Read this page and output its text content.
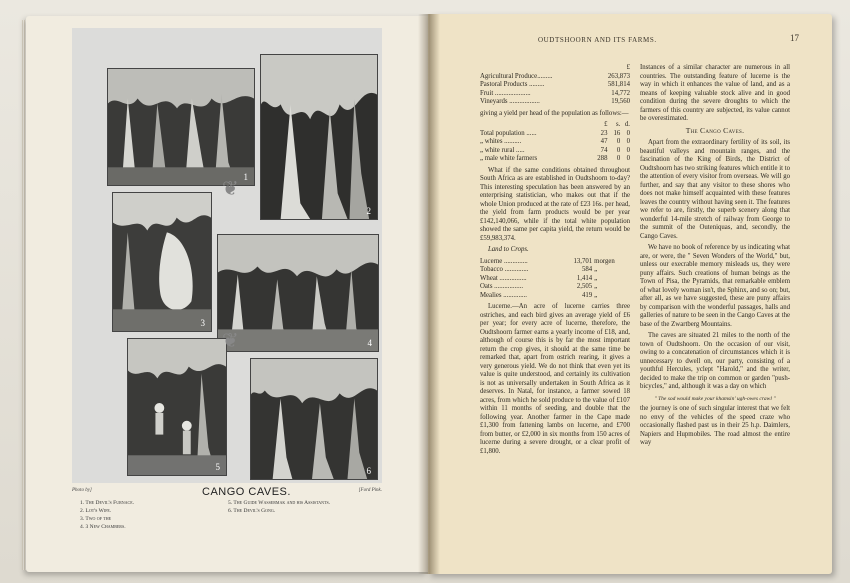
1
2
3
4
5	6
❦
❦
Photo by]	CANGO CAVES.	[Ford Pink.
1. The Devil's Furnace.
2. Lot's Wife.
3. Two of the
4. 3 New Chambers.
5. The Guide Wassermak and his Assistants.
6. The Devil's Gong.
OUDTSHOORN AND ITS FARMS.	17
	£
Agricultural Produce.........	263,873
Pastoral Products .........	581,814
Fruit .....................	14,772
Vineyards ..................	19,560

giving a yield per head of the population as follows:—

	£	s.	d.
Total population ......	23	16	0
„ whites ..........	47	0	0
„ white rural .....	74	0	0
„ male white farmers	288	0	0

What if the same conditions obtained throughout South Africa as are established in Oudtshoorn to-day? This interesting speculation has been answered by an enterprising statistician, who makes out that if the whole Union produced at the rate of £23 16s. per head, the yield from farm products would be per year £142,140,066, while if the total white population showed the same per capita yield, the return would be £59,983,374.

Land to Crops.

Lucerne ..............	13,701	morgen
Tobacco ..............	584	„
Wheat ................	1,414	„
Oats .................	2,505	„
Mealies ..............	419	„

Lucerne.—An acre of lucerne carries three ostriches, and each bird gives an average yield of £6 per year; for every acre of lucerne, therefore, the Oudtshoorn farmer earns a yearly income of £18, and, although of course this is by far the most important return the crop gives, it should at the same time be remarked that, apart from ostrich rearing, it gives a very generous yield. We do not think that even yet its value is quite understood, and certainly its cultivation is not as universally undertaken in South Africa as it deserves. In Natal, for instance, a farmer sowed 18 acres, from which he sold produce to the value of £107 within 11 months of seeding, and double that the following year. Another farmer in the Cape made £1,300 from fattening lambs on lucerne, and £700 from butter, or £2,000 in six months from 150 acres of lucerne during a severe drought, or a clear profit of £1,800.

Instances of a similar character are numerous in all countries. The outstanding feature of lucerne is the way in which it enhances the value of land, and as a means of keeping valuable stock alive and in good condition during the severe droughts to which the farmers of this country are subjected, its value cannot be overestimated.

The Cango Caves.

Apart from the extraordinary fertility of its soil, its beautiful valleys and mountain ranges, and the fascination of the King of Birds, the District of Oudtshoorn has two striking features which entitle it to the attention of every visitor from overseas. We will go further, and say that any visitor to these shores who does not make himself acquainted with these features leaves the country without having seen it. The features we refer to are, firstly, the superb scenery along that wonderful 14-mile stretch of railway from George to the summit of the Outeniquas, and, secondly, the Cango Caves.

We have no book of reference by us indicating what are, or were, the " Seven Wonders of the World," but, unless our execrable memory misleads us, they were puny affairs. Such creations of human beings as the Town of Pisa, the Pyramids, that remarkable emblem of what lovely woman isn't, the Sphinx, and so on; but, after all, as we have suggested, these are puny affairs by comparison with the wonderful passages, halls and galleries of nature to be seen in the Cango Caves at the base of the Zwartberg Mountains.

The caves are situated 21 miles to the north of the town of Oudtshoorn. On the occasion of our visit, owing to a concatenation of circumstances which it is unnecessary to dwell on, our party, consisting of a youthful Hercules, yclept "Harold," and the writer, decided to make the trip on common or garden "push-bicycles," and, although it was a day on which

" The sod would make your khamsin' ugh-owes crawl "

the journey is one of such singular interest that we felt no envy of the vehicles of the speed craze who occasionally flashed past us in their 25 h.p. Daimlers, Napiers and Hupmobiles. The road almost the entire way
